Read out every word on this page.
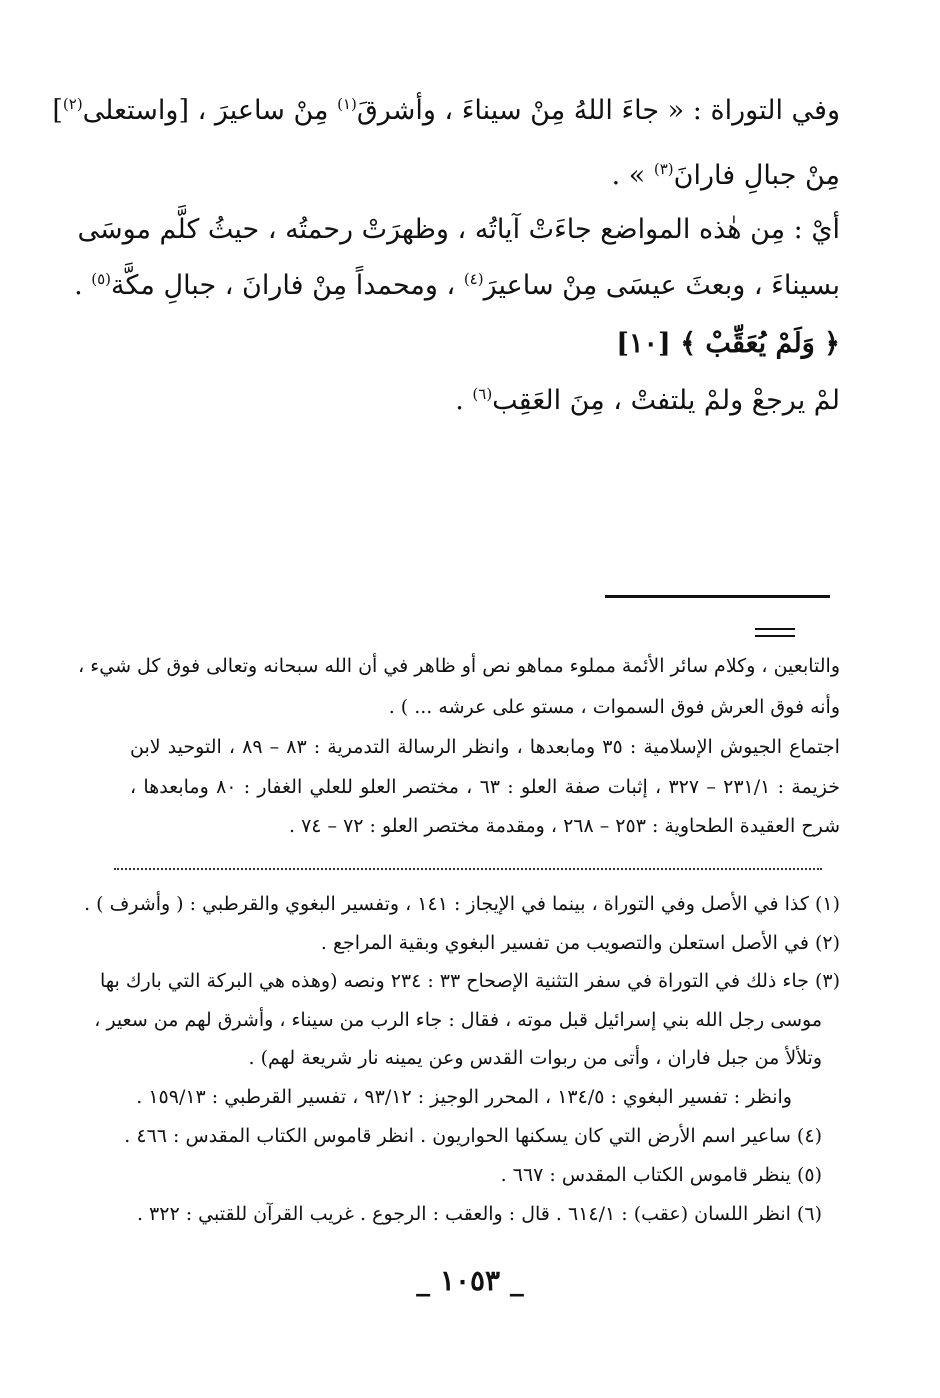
وفي التوراة : « جاءَ اللهُ مِنْ سيناءَ ، وأشرقَ$^{(١)}$ مِنْ ساعيرَ ، [واستعلى$^{(٢)}$]
مِنْ جبالِ فارانَ$^{(٣)}$ » .
أيْ : مِن هٰذه المواضع جاءَتْ آياتُه ، وظهرَتْ رحمتُه ، حيثُ كلَّم موسَى
بسيناءَ ، وبعثَ عيسَى مِنْ ساعيرَ$^{(٤)}$ ، ومحمداً مِنْ فارانَ ، جبالِ مكَّة$^{(٥)}$ .
﴿ وَلَمْ يُعَقِّبْ ﴾ [١٠]
لمْ يرجعْ ولمْ يلتفتْ ، مِنَ العَقِب$^{(٦)}$ .
والتابعين ، وكلام سائر الأئمة مملوء مماهو نص أو ظاهر في أن الله سبحانه وتعالى فوق كل شيء ،
وأنه فوق العرش فوق السموات ، مستو على عرشه ... ) .
اجتماع الجيوش الإسلامية : ٣٥ ومابعدها ، وانظر الرسالة التدمرية : ٨٣ – ٨٩ ، التوحيد لابن
خزيمة : ٢٣١/١ – ٣٢٧ ، إثبات صفة العلو : ٦٣ ، مختصر العلو للعلي الغفار : ٨٠ ومابعدها ،
شرح العقيدة الطحاوية : ٢٥٣ – ٢٦٨ ، ومقدمة مختصر العلو : ٧٢ – ٧٤ .
(١) كذا في الأصل وفي التوراة ، بينما في الإيجاز : ١٤١ ، وتفسير البغوي والقرطبي : ( وأشرف ) .
(٢) في الأصل استعلن والتصويب من تفسير البغوي وبقية المراجع .
(٣) جاء ذلك في التوراة في سفر التثنية الإصحاح ٣٣ : ٢٣٤ ونصه (وهذه هي البركة التي بارك بها
موسى رجل الله بني إسرائيل قبل موته ، فقال : جاء الرب من سيناء ، وأشرق لهم من سعير ،
وتلألأ من جبل فاران ، وأتى من ربوات القدس وعن يمينه نار شريعة لهم) .
وانظر : تفسير البغوي : ١٣٤/٥ ، المحرر الوجيز : ٩٣/١٢ ، تفسير القرطبي : ١٥٩/١٣ .
(٤) ساعير اسم الأرض التي كان يسكنها الحواريون . انظر قاموس الكتاب المقدس : ٤٦٦ .
(٥) ينظر قاموس الكتاب المقدس : ٦٦٧ .
(٦) انظر اللسان (عقب) : ٦١٤/١ . قال : والعقب : الرجوع . غريب القرآن للقتبي : ٣٢٢ .
_ ١٠٥٣ _
